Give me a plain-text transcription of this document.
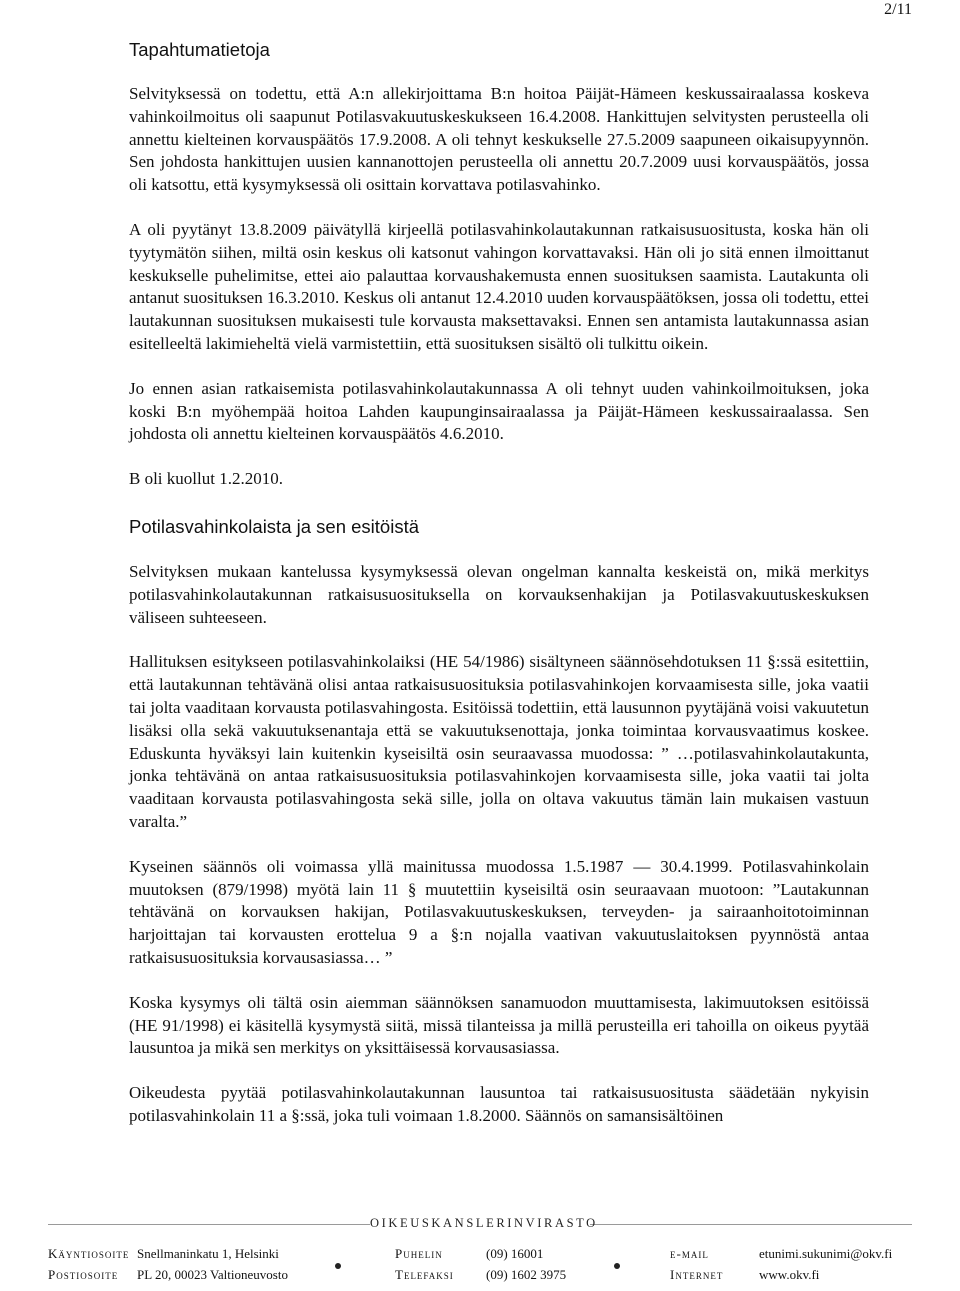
2/11
Tapahtumatietoja

Selvityksessä on todettu, että A:n allekirjoittama B:n hoitoa Päijät-Hämeen keskussairaalassa koskeva vahinkoilmoitus oli saapunut Potilasvakuutuskeskukseen 16.4.2008. Hankittujen selvitysten perusteella oli annettu kielteinen korvauspäätös 17.9.2008. A oli tehnyt keskukselle 27.5.2009 saapuneen oikaisupyynnön. Sen johdosta hankittujen uusien kannanottojen perusteella oli annettu 20.7.2009 uusi korvauspäätös, jossa oli katsottu, että kysymyksessä oli osittain korvattava potilasvahinko.

A oli pyytänyt 13.8.2009 päivätyllä kirjeellä potilasvahinkolautakunnan ratkaisusuositusta, koska hän oli tyytymätön siihen, miltä osin keskus oli katsonut vahingon korvattavaksi. Hän oli jo sitä ennen ilmoittanut keskukselle puhelimitse, ettei aio palauttaa korvaushakemusta ennen suosituksen saamista. Lautakunta oli antanut suosituksen 16.3.2010. Keskus oli antanut 12.4.2010 uuden korvauspäätöksen, jossa oli todettu, ettei lautakunnan suosituksen mukaisesti tule korvausta maksettavaksi. Ennen sen antamista lautakunnassa asian esitelleeltä lakimieheltä vielä varmistettiin, että suosituksen sisältö oli tulkittu oikein.

Jo ennen asian ratkaisemista potilasvahinkolautakunnassa A oli tehnyt uuden vahinkoilmoituksen, joka koski B:n myöhempää hoitoa Lahden kaupunginsairaalassa ja Päijät-Hämeen keskussairaalassa. Sen johdosta oli annettu kielteinen korvauspäätös 4.6.2010.

B oli kuollut 1.2.2010.

Potilasvahinkolaista ja sen esitöistä

Selvityksen mukaan kantelussa kysymyksessä olevan ongelman kannalta keskeistä on, mikä merkitys potilasvahinkolautakunnan ratkaisusuosituksella on korvauksenhakijan ja Potilasvakuutuskeskuksen väliseen suhteeseen.

Hallituksen esitykseen potilasvahinkolaiksi (HE 54/1986) sisältyneen säännösehdotuksen 11 §:ssä esitettiin, että lautakunnan tehtävänä olisi antaa ratkaisusuosituksia potilasvahinkojen korvaamisesta sille, joka vaatii tai jolta vaaditaan korvausta potilasvahingosta. Esitöissä todettiin, että lausunnon pyytäjänä voisi vakuutetun lisäksi olla sekä vakuutuksenantaja että se vakuutuksenottaja, jonka toimintaa korvausvaatimus koskee. Eduskunta hyväksyi lain kuitenkin kyseisiltä osin seuraavassa muodossa: ” …potilasvahinkolautakunta, jonka tehtävänä on antaa ratkaisusuosituksia potilasvahinkojen korvaamisesta sille, joka vaatii tai jolta vaaditaan korvausta potilasvahingosta sekä sille, jolla on oltava vakuutus tämän lain mukaisen vastuun varalta.”

Kyseinen säännös oli voimassa yllä mainitussa muodossa 1.5.1987 ― 30.4.1999. Potilasvahinkolain muutoksen (879/1998) myötä lain 11 § muutettiin kyseisiltä osin seuraavaan muotoon: ”Lautakunnan tehtävänä on korvauksen hakijan, Potilasvakuutuskeskuksen, terveyden- ja sairaanhoitotoiminnan harjoittajan tai korvausten erottelua 9 a §:n nojalla vaativan vakuutuslaitoksen pyynnöstä antaa ratkaisusuosituksia korvausasiassa… ”

Koska kysymys oli tältä osin aiemman säännöksen sanamuodon muuttamisesta, lakimuutoksen esitöissä (HE 91/1998) ei käsitellä kysymystä siitä, missä tilanteissa ja millä perusteilla eri tahoilla on oikeus pyytää lausuntoa ja mikä sen merkitys on yksittäisessä korvausasiassa.

Oikeudesta pyytää potilasvahinkolautakunnan lausuntoa tai ratkaisusuositusta säädetään nykyisin potilasvahinkolain 11 a §:ssä, joka tuli voimaan 1.8.2000. Säännös on samansisältöinen

OIKEUSKANSLERINVIRASTO
Käyntiosoite
Postiosoite
Snellmaninkatu 1, Helsinki
PL 20, 00023 Valtioneuvosto
Puhelin
Telefaksi
(09) 16001
(09) 1602 3975
e-mail
Internet
etunimi.sukunimi@okv.fi
www.okv.fi
